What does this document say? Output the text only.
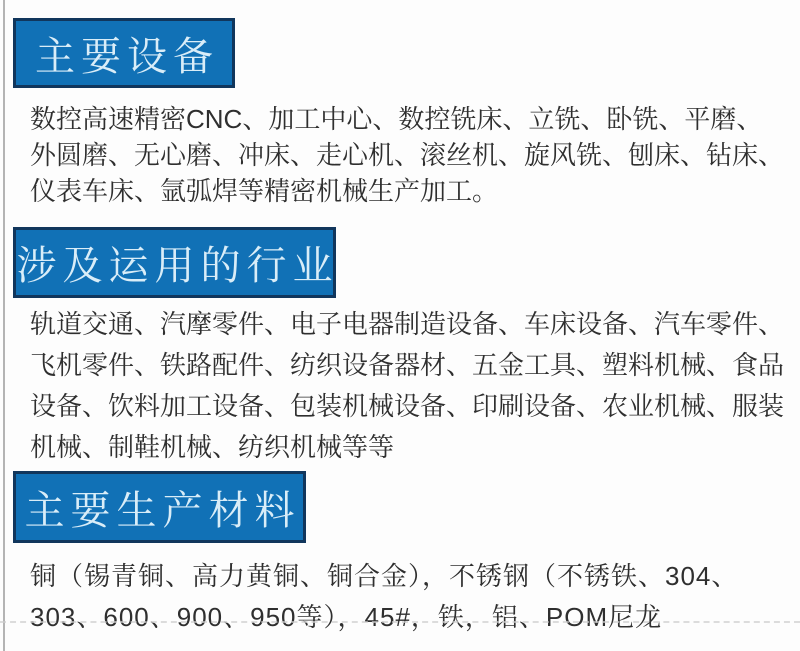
主要设备
数控高速精密CNC、加工中心、数控铣床、立铣、卧铣、平磨、
外圆磨、无心磨、冲床、走心机、滚丝机、旋风铣、刨床、钻床、
仪表车床、氩弧焊等精密机械生产加工。
涉及运用的行业
轨道交通、汽摩零件、电子电器制造设备、车床设备、汽车零件、
飞机零件、铁路配件、纺织设备器材、五金工具、塑料机械、食品
设备、饮料加工设备、包装机械设备、印刷设备、农业机械、服装
机械、制鞋机械、纺织机械等等
主要生产材料
铜（锡青铜、高力黄铜、铜合金），不锈钢（不锈铁、304、
303、600、900、950等），45#，铁，铝、POM尼龙
